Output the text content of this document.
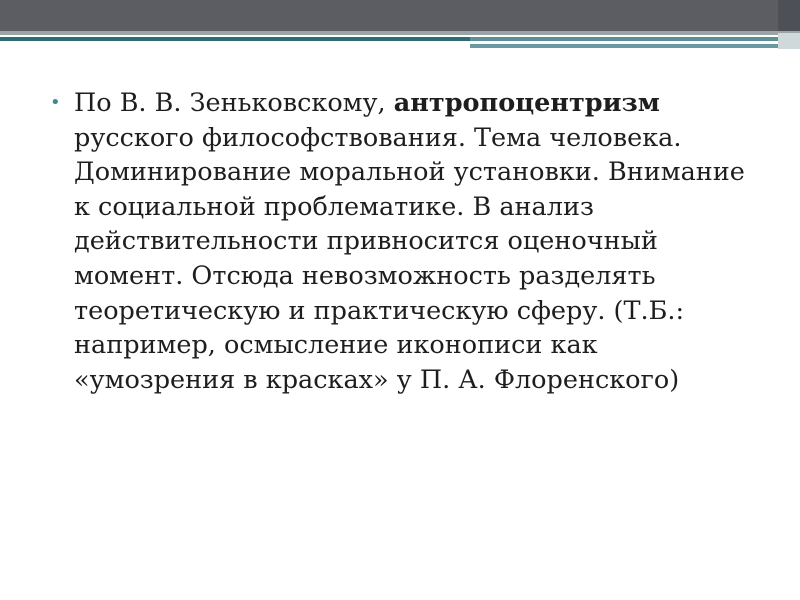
• По В. В. Зеньковскому, антропоцентризм русского философствования. Тема человека. Доминирование моральной установки. Внимание к социальной проблематике. В анализ действительности привносится оценочный момент. Отсюда невозможность разделять теоретическую и практическую сферу. (Т.Б.: например, осмысление иконописи как «умозрения в красках» у П. А. Флоренского)
